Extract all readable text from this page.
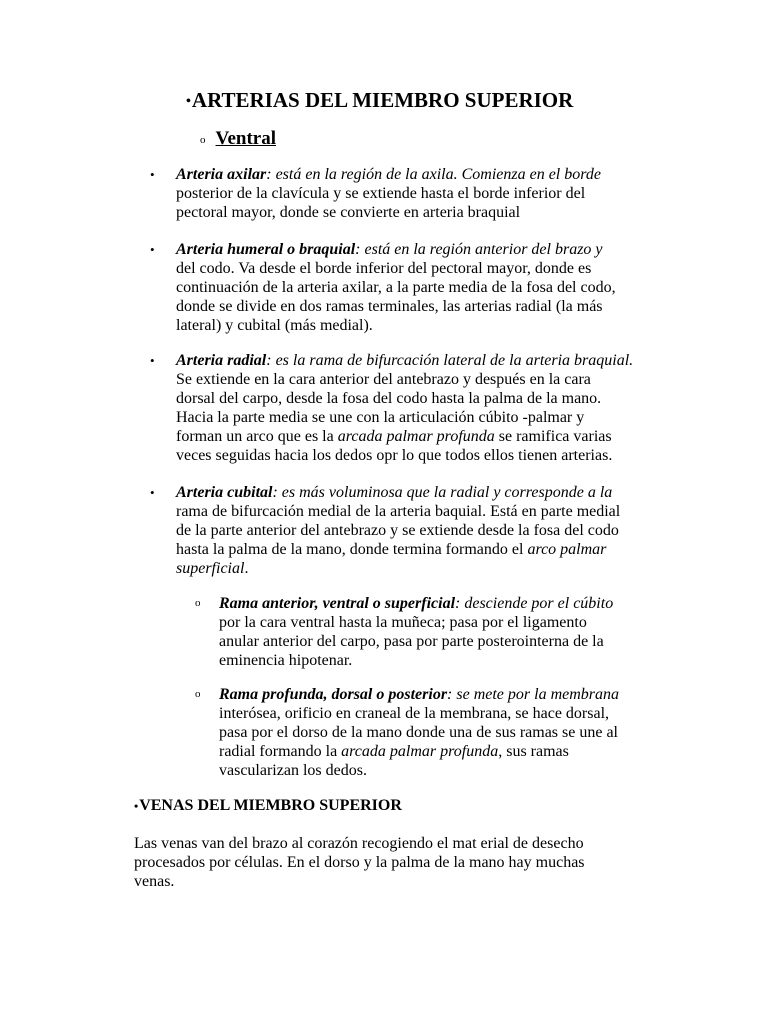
•ARTERIAS DEL MIEMBRO SUPERIOR
o Ventral
• Arteria axilar: está en la región de la axila. Comienza en el borde
posterior de la clavícula y se extiende hasta el borde inferior del
pectoral mayor, donde se convierte en arteria braquial
• Arteria humeral o braquial: está en la región anterior del brazo y
del codo. Va desde el borde inferior del pectoral mayor, donde es
continuación de la arteria axilar, a la parte media de la fosa del codo,
donde se divide en dos ramas terminales, las arterias radial (la más
lateral) y cubital (más medial).
• Arteria radial: es la rama de bifurcación lateral de la arteria braquial.
Se extiende en la cara anterior del antebrazo y después en la cara
dorsal del carpo, desde la fosa del codo hasta la palma de la mano.
Hacia la parte media se une con la articulación cúbito -palmar y
forman un arco que es la arcada palmar profunda se ramifica varias
veces seguidas hacia los dedos opr lo que todos ellos tienen arterias.
• Arteria cubital: es más voluminosa que la radial y corresponde a la
rama de bifurcación medial de la arteria baquial. Está en parte medial
de la parte anterior del antebrazo y se extiende desde la fosa del codo
hasta la palma de la mano, donde termina formando el arco palmar
superficial.
o Rama anterior, ventral o superficial: desciende por el cúbito
por la cara ventral hasta la muñeca; pasa por el ligamento
anular anterior del carpo, pasa por parte posterointerna de la
eminencia hipotenar.
o Rama profunda, dorsal o posterior: se mete por la membrana
interósea, orificio en craneal de la membrana, se hace dorsal,
pasa por el dorso de la mano donde una de sus ramas se une al
radial formando la arcada palmar profunda, sus ramas
vascularizan los dedos.
•VENAS DEL MIEMBRO SUPERIOR
Las venas van del brazo al corazón recogiendo el mat erial de desecho
procesados por células. En el dorso y la palma de la mano hay muchas
venas.
